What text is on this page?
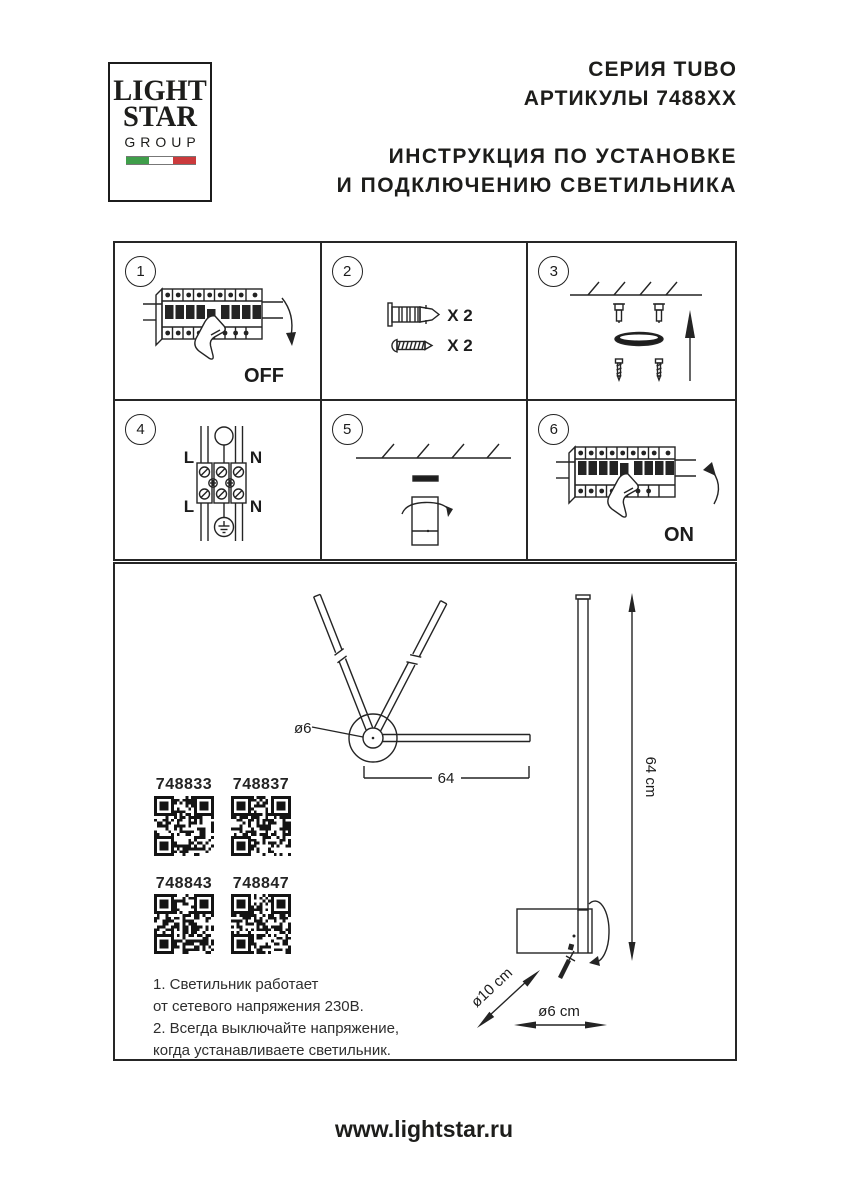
LIGHT
STAR
GROUP
СЕРИЯ TUBO
АРТИКУЛЫ 7488XX
ИНСТРУКЦИЯ ПО УСТАНОВКЕ
И ПОДКЛЮЧЕНИЮ СВЕТИЛЬНИКА
1
OFF
2
X 2
X 2
3
4
L	N
L	N
5	6
ON
ø6
64	64 cm
ø10 cm
ø6 cm
748833 748837
748843 748847
1. Светильник работает
от сетевого напряжения 230В.
2. Всегда выключайте напряжение,
когда устанавливаете светильник.
www.lightstar.ru
